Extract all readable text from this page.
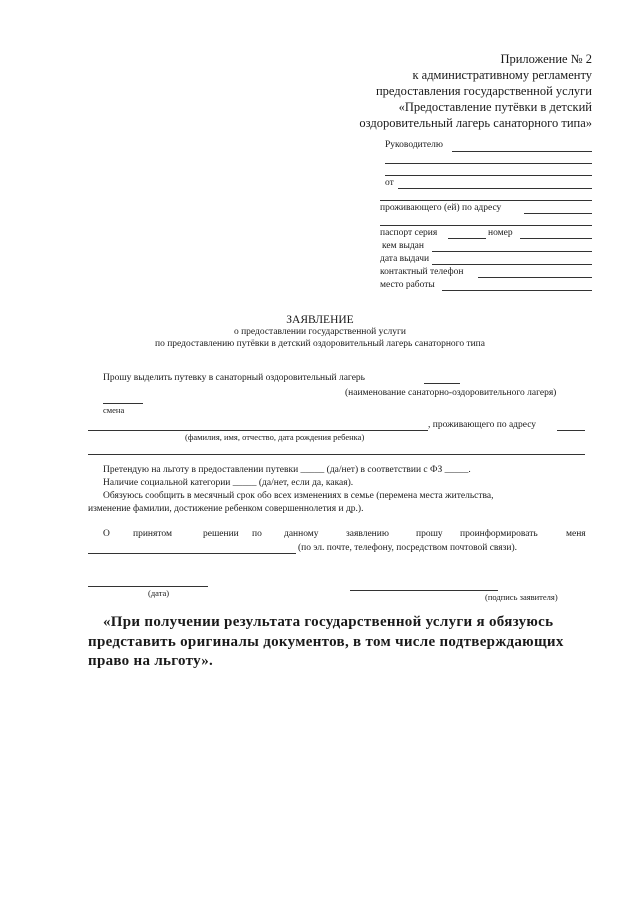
Приложение № 2
к административному регламенту
предоставления государственной услуги
«Предоставление путёвки в детский
оздоровительный лагерь санаторного типа»
Руководителю
от
проживающего (ей) по адресу
паспорт серия	номер
кем выдан
дата выдачи
контактный телефон
место работы
ЗАЯВЛЕНИЕ
о предоставлении государственной услуги
по предоставлению путёвки в детский оздоровительный лагерь санаторного типа
Прошу выделить путевку в санаторный оздоровительный лагерь
(наименование санаторно-оздоровительного лагеря)
смена
, проживающего по адресу
(фамилия, имя, отчество, дата рождения ребенка)
Претендую на льготу в предоставлении путевки _____ (да/нет) в соответствии с ФЗ _____.
Наличие социальной категории _____ (да/нет, если да, какая).
Обязуюсь сообщить в месячный срок обо всех изменениях в семье (перемена места жительства,
изменение фамилии, достижение ребенком совершеннолетия и др.).
О принятом	решении по данному	заявлению	прошу проинформировать	меня
(по эл. почте, телефону, посредством почтовой связи).
(дата)	(подпись заявителя)
«При получении результата государственной услуги я обязуюсь
представить оригиналы документов, в том числе подтверждающих
право на льготу».
